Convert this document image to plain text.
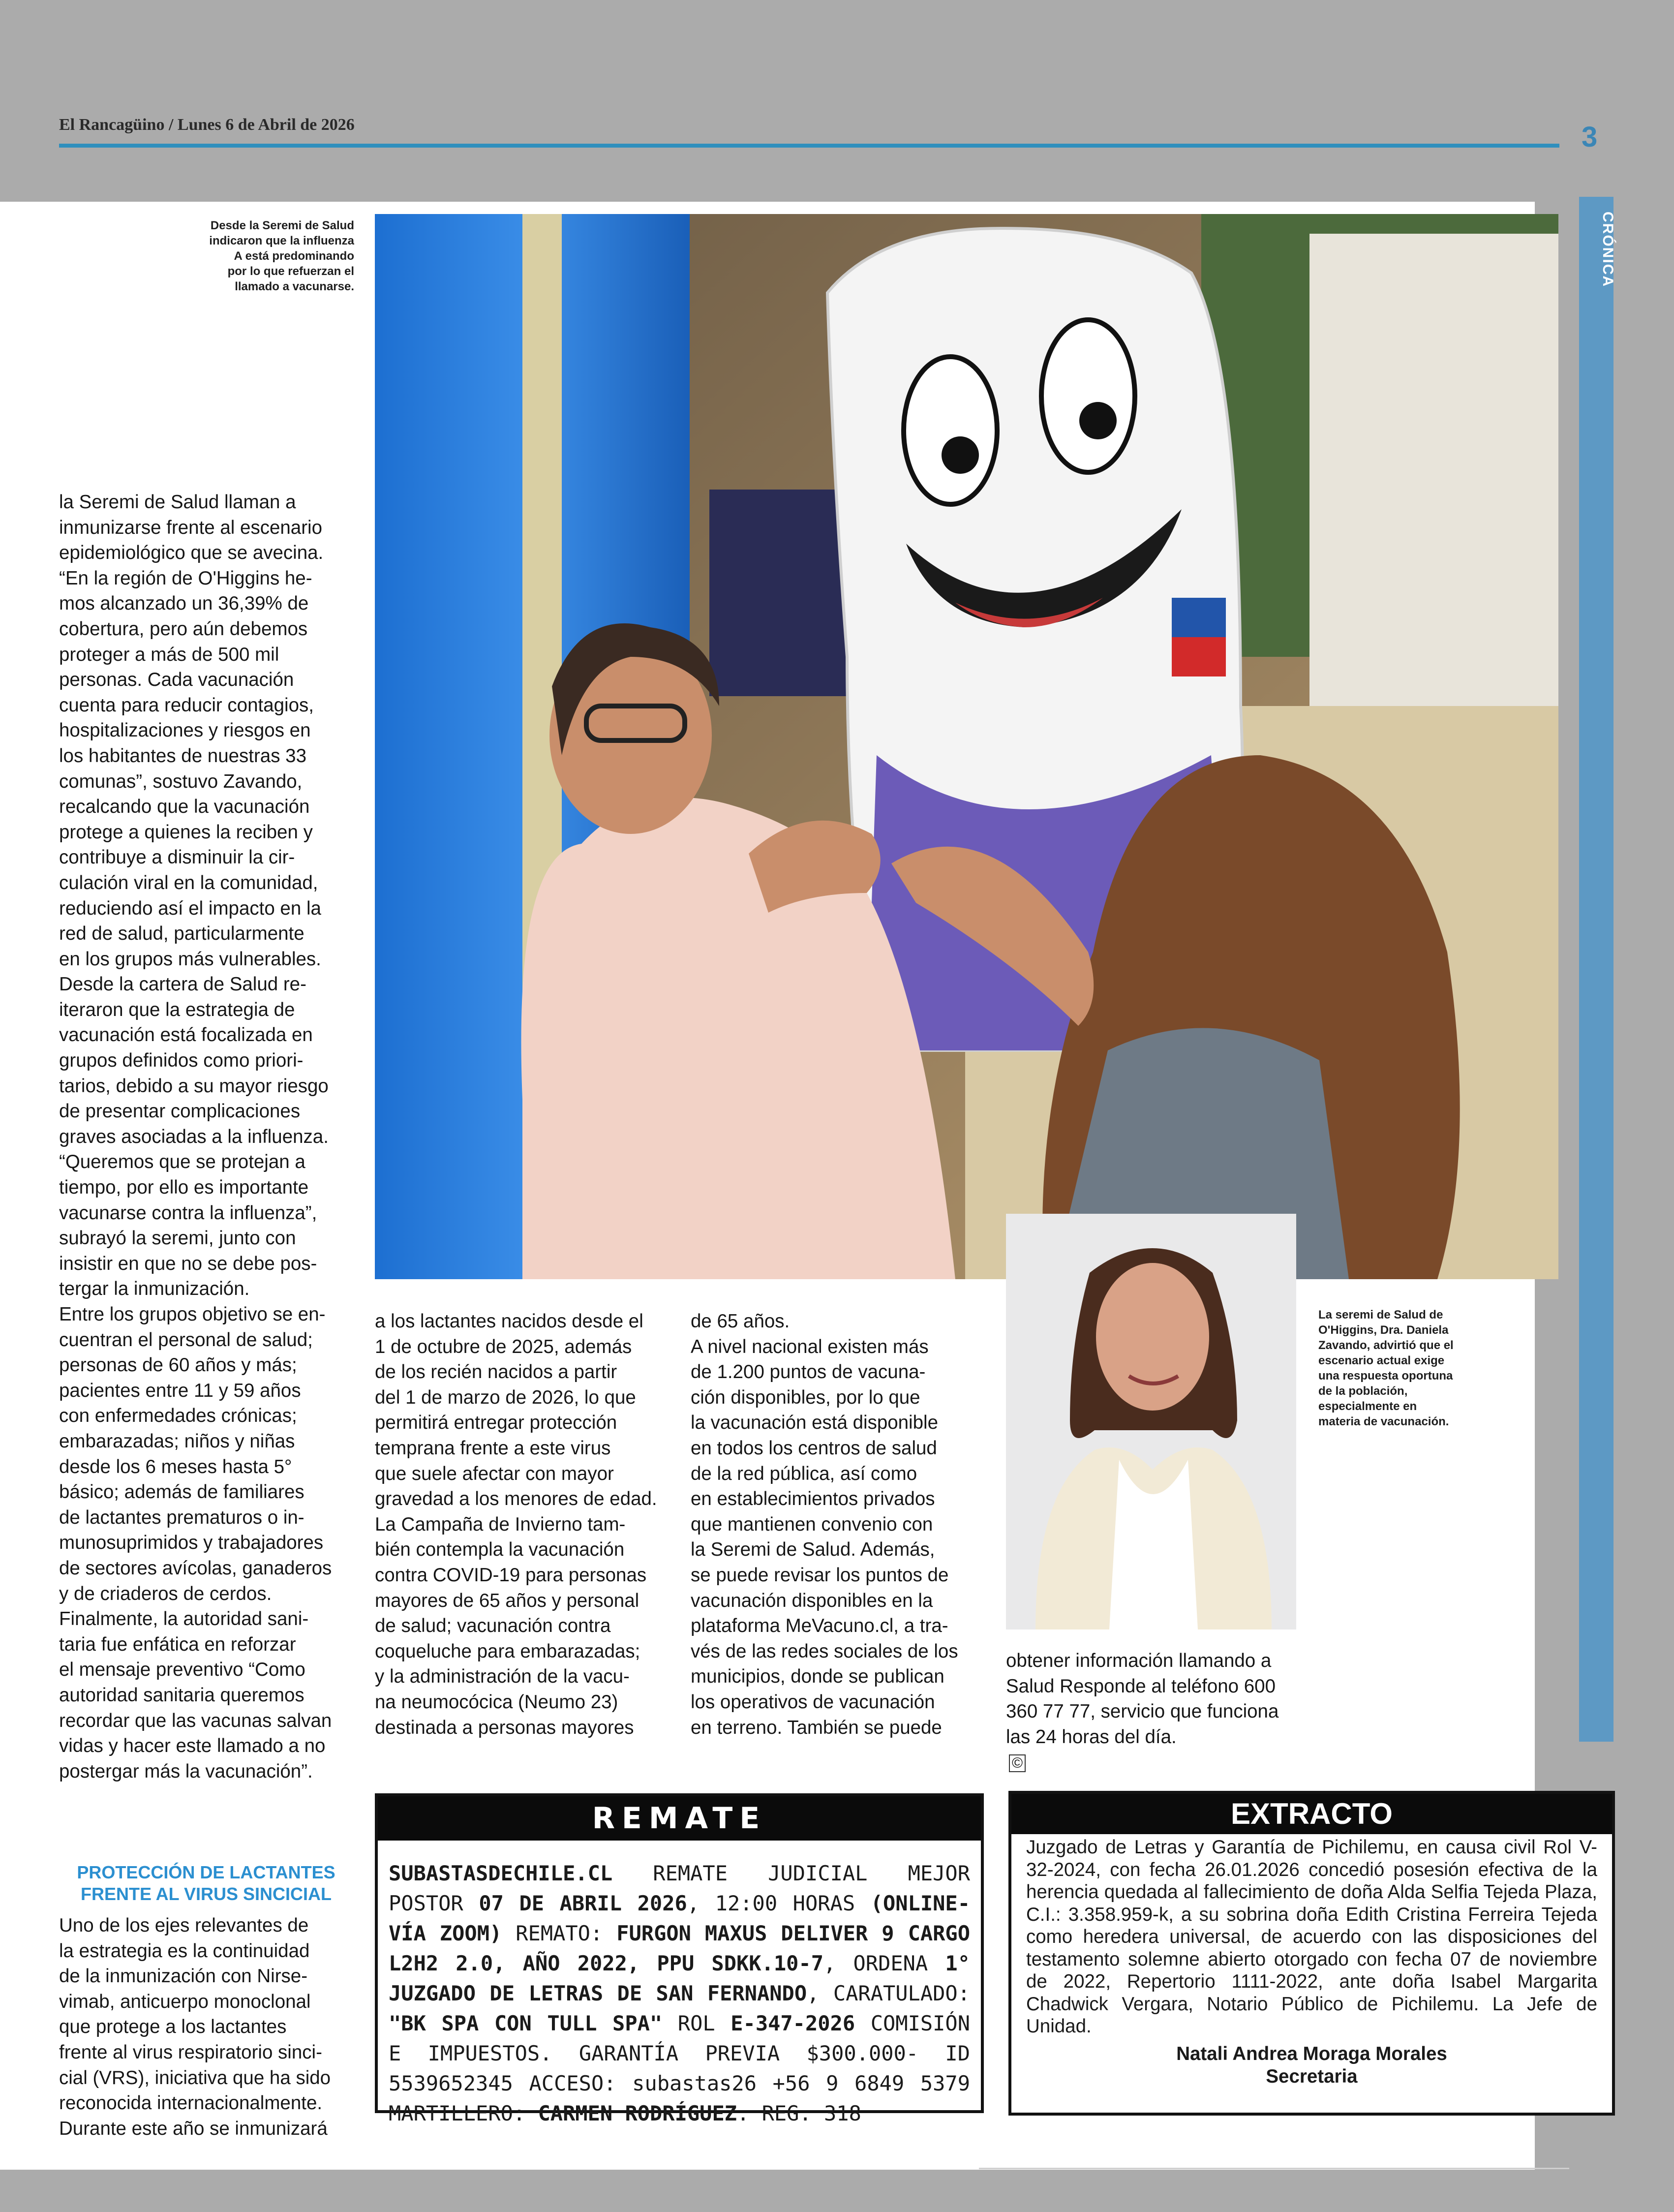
El Rancagüino / Lunes 6 de Abril de 2026	3
CRÓNICA
Desde la Seremi de Salud
indicaron que la influenza
A está predominando
por lo que refuerzan el
llamado a vacunarse.
La seremi de Salud de
O'Higgins, Dra. Daniela
Zavando, advirtió que el
escenario actual exige
una respuesta oportuna
de la población,
especialmente en
materia de vacunación.
la Seremi de Salud llaman a
inmunizarse frente al escenario
epidemiológico que se avecina.
“En la región de O'Higgins he-
mos alcanzado un 36,39% de
cobertura, pero aún debemos
proteger a más de 500 mil
personas. Cada vacunación
cuenta para reducir contagios,
hospitalizaciones y riesgos en
los habitantes de nuestras 33
comunas”, sostuvo Zavando,
recalcando que la vacunación
protege a quienes la reciben y
contribuye a disminuir la cir-
culación viral en la comunidad,
reduciendo así el impacto en la
red de salud, particularmente
en los grupos más vulnerables.
Desde la cartera de Salud re-
iteraron que la estrategia de
vacunación está focalizada en
grupos definidos como priori-
tarios, debido a su mayor riesgo
de presentar complicaciones
graves asociadas a la influenza.
“Queremos que se protejan a
tiempo, por ello es importante
vacunarse contra la influenza”,
subrayó la seremi, junto con
insistir en que no se debe pos-
tergar la inmunización.
Entre los grupos objetivo se en-
cuentran el personal de salud;
personas de 60 años y más;
pacientes entre 11 y 59 años
con enfermedades crónicas;
embarazadas; niños y niñas
desde los 6 meses hasta 5°
básico; además de familiares
de lactantes prematuros o in-
munosuprimidos y trabajadores
de sectores avícolas, ganaderos
y de criaderos de cerdos.
Finalmente, la autoridad sani-
taria fue enfática en reforzar
el mensaje preventivo “Como
autoridad sanitaria queremos
recordar que las vacunas salvan
vidas y hacer este llamado a no
postergar más la vacunación”.
PROTECCIÓN DE LACTANTES
FRENTE AL VIRUS SINCICIAL
Uno de los ejes relevantes de
la estrategia es la continuidad
de la inmunización con Nirse-
vimab, anticuerpo monoclonal
que protege a los lactantes
frente al virus respiratorio sinci-
cial (VRS), iniciativa que ha sido
reconocida internacionalmente.
Durante este año se inmunizará
a los lactantes nacidos desde el
1 de octubre de 2025, además
de los recién nacidos a partir
del 1 de marzo de 2026, lo que
permitirá entregar protección
temprana frente a este virus
que suele afectar con mayor
gravedad a los menores de edad.
La Campaña de Invierno tam-
bién contempla la vacunación
contra COVID-19 para personas
mayores de 65 años y personal
de salud; vacunación contra
coqueluche para embarazadas;
y la administración de la vacu-
na neumocócica (Neumo 23)
destinada a personas mayores
de 65 años.
A nivel nacional existen más
de 1.200 puntos de vacuna-
ción disponibles, por lo que
la vacunación está disponible
en todos los centros de salud
de la red pública, así como
en establecimientos privados
que mantienen convenio con
la Seremi de Salud. Además,
se puede revisar los puntos de
vacunación disponibles en la
plataforma MeVacuno.cl, a tra-
vés de las redes sociales de los
municipios, donde se publican
los operativos de vacunación
en terreno. También se puede
obtener información llamando a
Salud Responde al teléfono 600
360 77 77, servicio que funciona
las 24 horas del día.
©
REMATE
SUBASTASDECHILE.CL REMATE JUDICIAL MEJOR POSTOR 07 DE ABRIL 2026, 12:00 HORAS (ONLINE-VÍA ZOOM) REMATO: FURGON MAXUS DELIVER 9 CARGO L2H2 2.0, AÑO 2022, PPU SDKK.10-7, ORDENA 1° JUZGADO DE LETRAS DE SAN FERNANDO, CARATULADO: "BK SPA CON TULL SPA" ROL E-347-2026 COMISIÓN E IMPUESTOS. GARANTÍA PREVIA $300.000- ID 5539652345 ACCESO: subastas26 +56 9 6849 5379 MARTILLERO: CARMEN RODRÍGUEZ. REG. 318
EXTRACTO
Juzgado de Letras y Garantía de Pichilemu, en causa civil Rol V-32-2024, con fecha 26.01.2026 concedió posesión efectiva de la herencia quedada al fallecimiento de doña Alda Selfia Tejeda Plaza, C.I.: 3.358.959-k, a su sobrina doña Edith Cristina Ferreira Tejeda como heredera universal, de acuerdo con las disposiciones del testamento solemne abierto otorgado con fecha 07 de noviembre de 2022, Repertorio 1111-2022, ante doña Isabel Margarita Chadwick Vergara, Notario Público de Pichilemu. La Jefe de Unidad.
Natali Andrea Moraga Morales
Secretaria
